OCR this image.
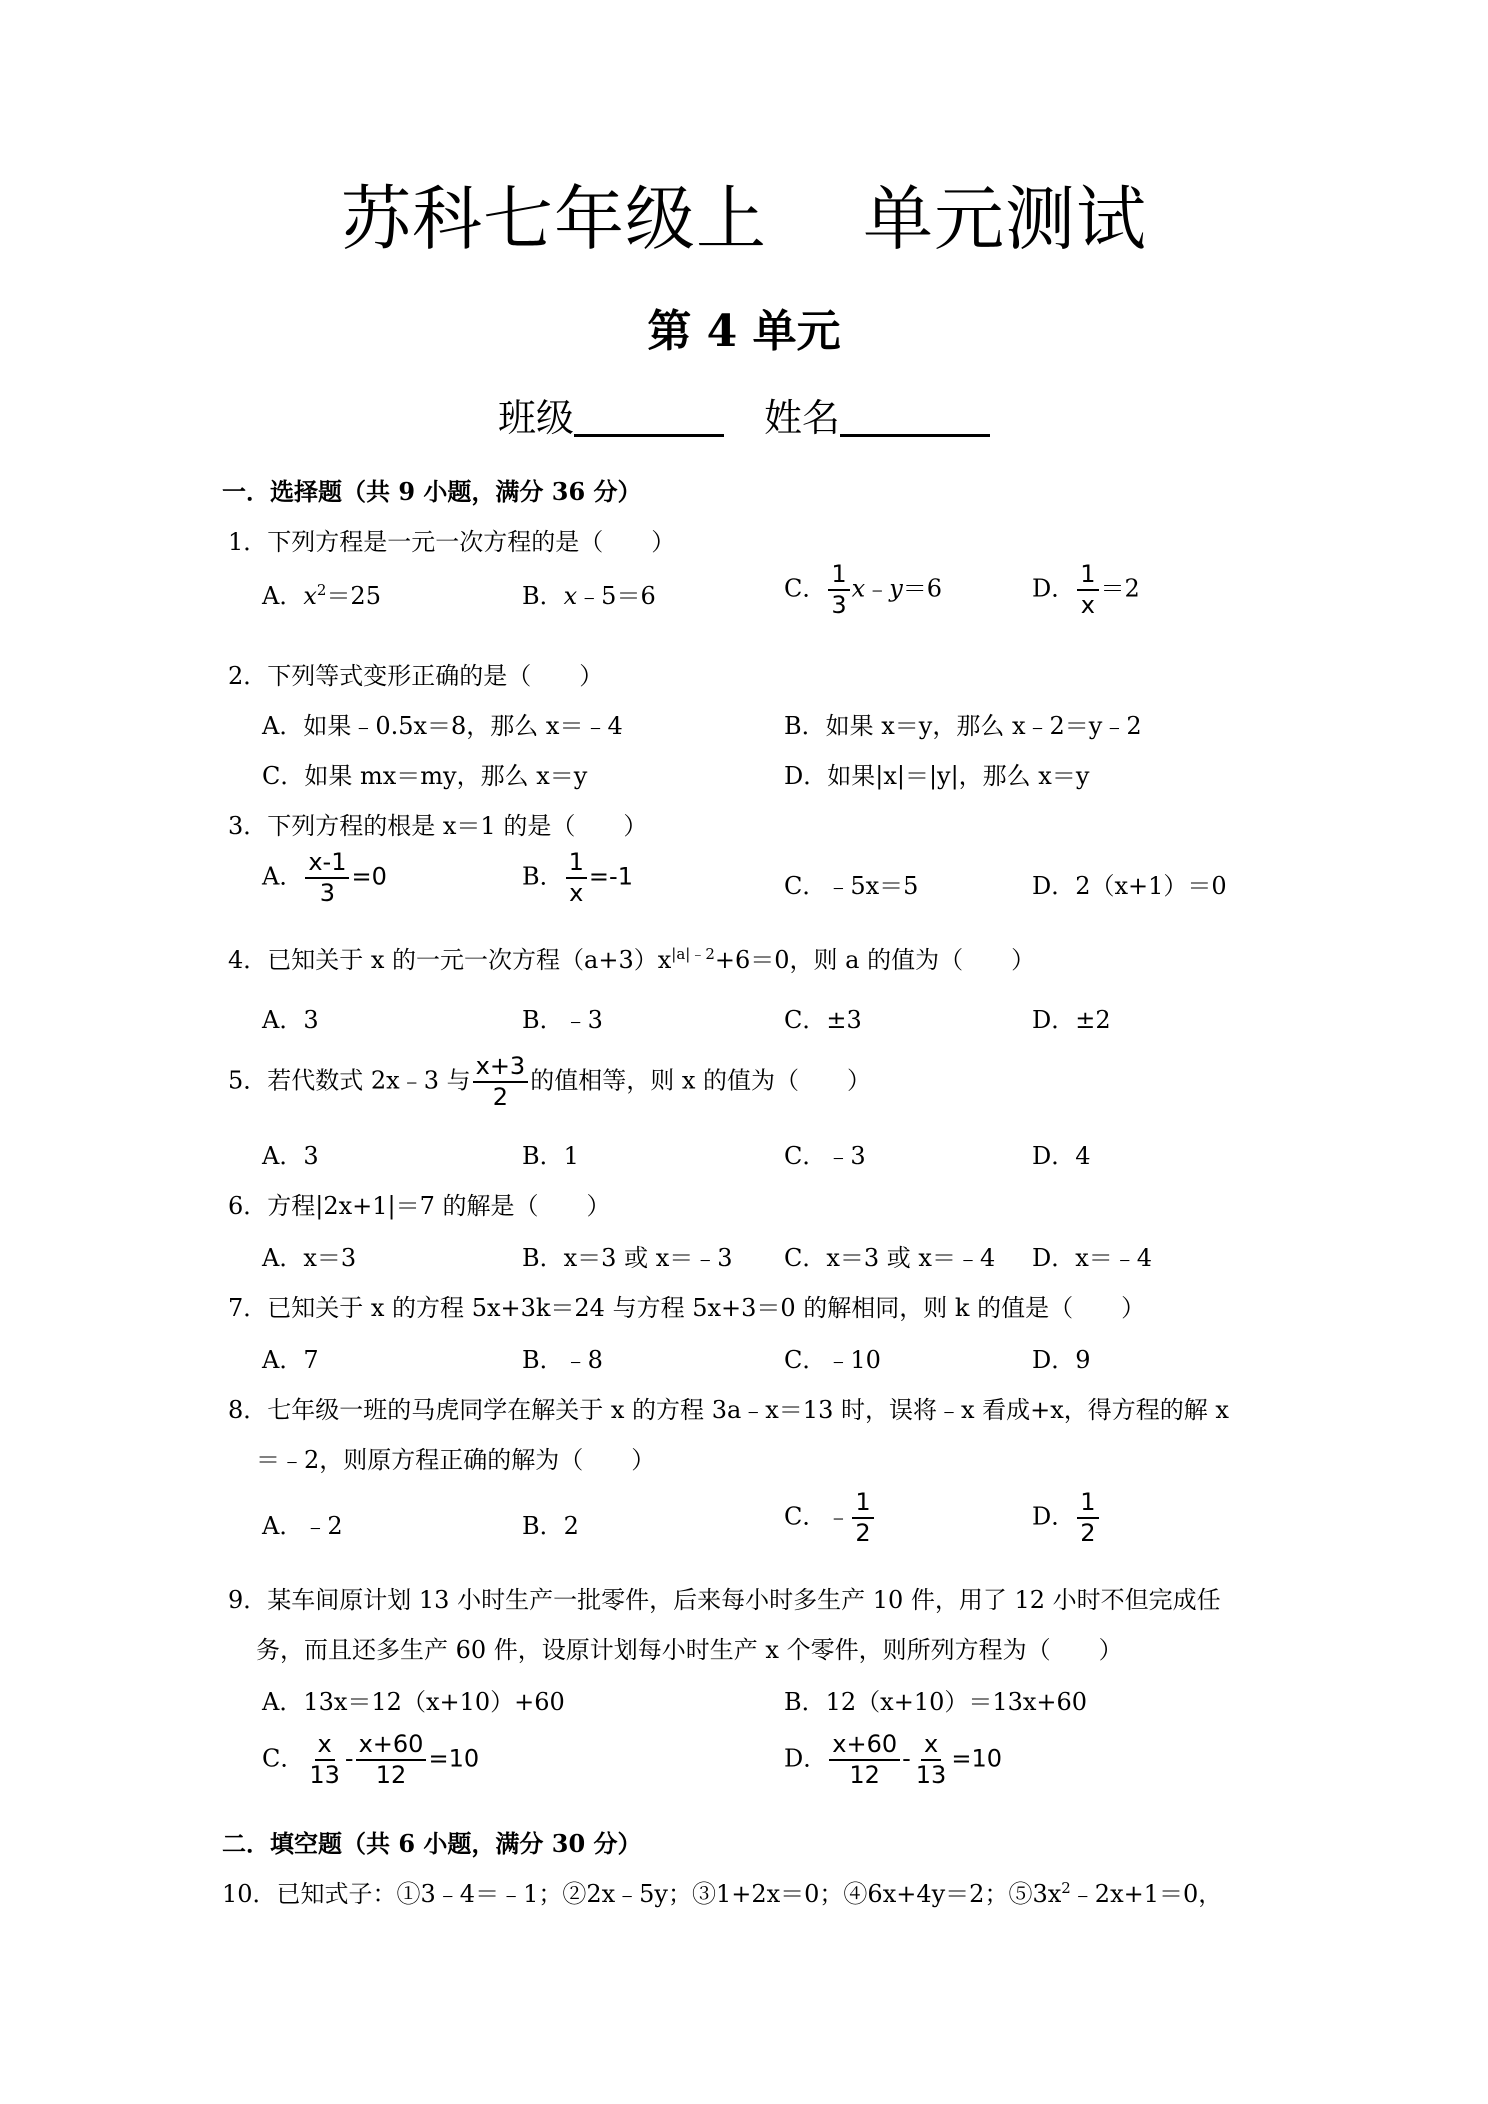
苏科七年级上 单元测试
第 4 单元
班级	姓名
一．选择题（共 9 小题，满分 36 分）
1．下列方程是一元一次方程的是（　　）
A．$x^2=25$	B．x﹣5＝6	C． $\frac{1}{3}$ x﹣y＝6	D． $\frac{1}{x} =2$
2．下列等式变形正确的是（　　）
A．如果﹣0.5x＝8，那么 x＝﹣4	B．如果 x＝y，那么 x﹣2＝y﹣2
C．如果 mx＝my，那么 x＝y	D．如果|x|＝|y|，那么 x＝y
3．下列方程的根是 x＝1 的是（　　）
A． $\frac{x-1}{3} =0$	B． $\frac{1}{x} =-1$	C．﹣5x＝5	D．2（x+1）＝0
4．已知关于 x 的一元一次方程$(a+3)x^{|a|﹣2}+6=0$，则 a 的值为（　　）
A．3	B．﹣3	C．±3	D．±2
5．若代数式 2x﹣3 与 $\frac{x+3}{2}$ 的值相等，则 x 的值为（　　）
A．3	B．1	C．﹣3	D．4
6．方程|2x+1|＝7 的解是（　　）
A．x＝3	B．x＝3 或 x＝﹣3 C．x＝3 或 x＝﹣4 D．x＝﹣4
7．已知关于 x 的方程 5x+3k＝24 与方程 5x+3＝0 的解相同，则 k 的值是（　　）
A．7	B．﹣8	C．﹣10	D．9
8．七年级一班的马虎同学在解关于 x 的方程 3a﹣x＝13 时，误将﹣x 看成+x，得方程的解 x
＝﹣2，则原方程正确的解为（　　）
A．﹣2	B．2	C．﹣ $\frac{1}{2}$	D． $\frac{1}{2}$
9．某车间原计划 13 小时生产一批零件，后来每小时多生产 10 件，用了 12 小时不但完成任
务，而且还多生产 60 件，设原计划每小时生产 x 个零件，则所列方程为（　　）
A．13x＝12（x+10）+60	B．12（x+10）＝13x+60
C． $\frac{x}{13} - \frac{x+60}{12} =10$	D． $\frac{x+60}{12} - \frac{x}{13} =10$
二．填空题（共 6 小题，满分 30 分）
10．已知式子：①3﹣4＝﹣1；②2x﹣5y；③1+2x＝0；④6x+4y＝2；$⑤3x^2﹣2x+1=0$，
